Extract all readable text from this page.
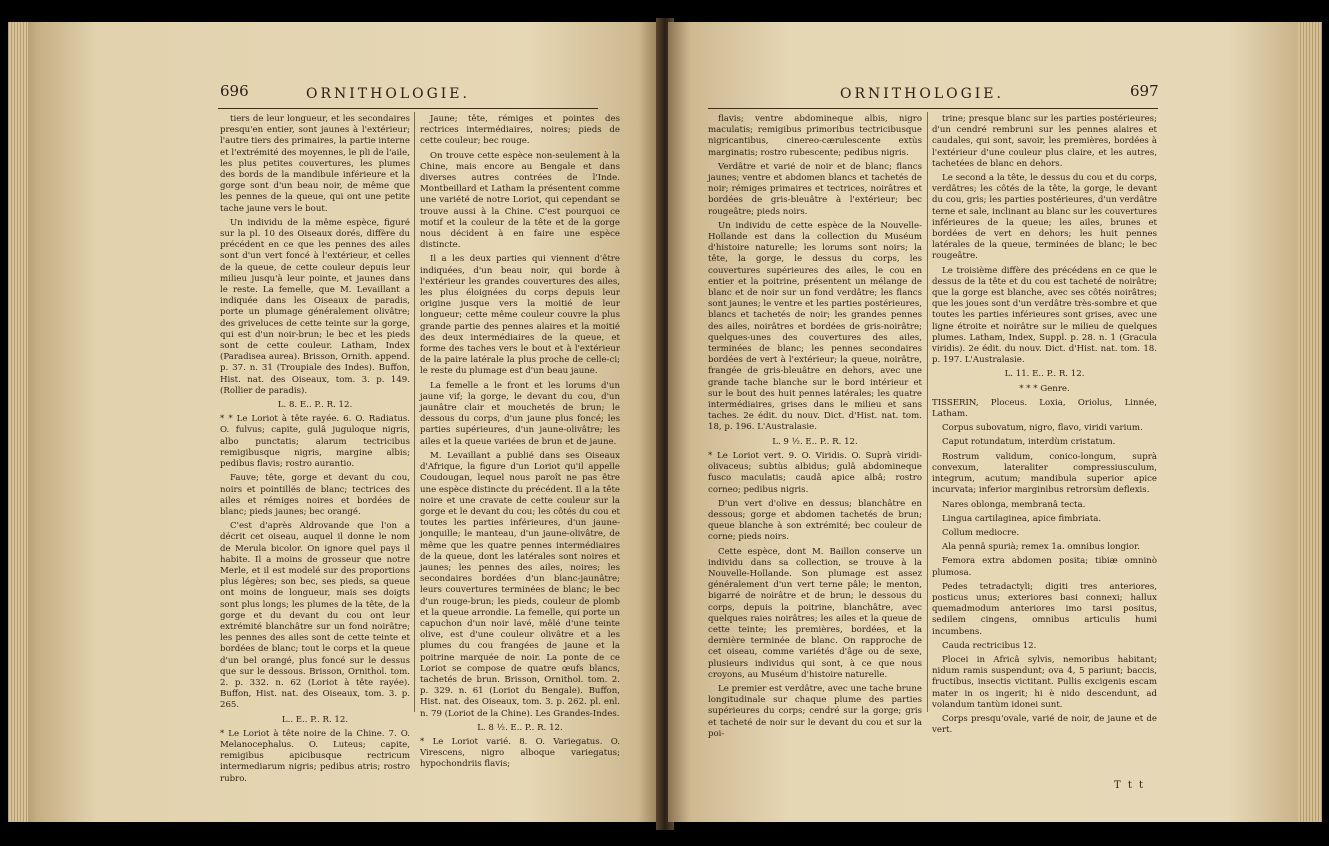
696	ORNITHOLOGIE.

tiers de leur longueur, et les secondaires presqu'en entier, sont jaunes à l'extérieur; l'autre tiers des primaires, la partie interne et l'extrémité des moyennes, le pli de l'aile, les plus petites couvertures, les plumes des bords de la mandibule inférieure et la gorge sont d'un beau noir, de même que les pennes de la queue, qui ont une petite tache jaune vers le bout.

Un individu de la même espèce, figuré sur la pl. 10 des Oiseaux dorés, diffère du précédent en ce que les pennes des ailes sont d'un vert foncé à l'extérieur, et celles de la queue, de cette couleur depuis leur milieu jusqu'à leur pointe, et jaunes dans le reste. La femelle, que M. Levaillant a indiquée dans les Oiseaux de paradis, porte un plumage généralement olivâtre; des griveluces de cette teinte sur la gorge, qui est d'un noir-brun; le bec et les pieds sont de cette couleur. Latham, Index (Paradisea aurea). Brisson, Ornith. append. p. 37. n. 31 (Troupiale des Indes). Buffon, Hist. nat. des Oiseaux, tom. 3. p. 149. (Rollier de paradis).

L. 8. E.. P.. R. 12.

* * Le Loriot à tête rayée. 6. O. Radiatus. O. fulvus; capite, gulâ juguloque nigris, albo punctatis; alarum tectricibus remigibusque nigris, margine albis; pedibus flavis; rostro aurantio.

Fauve; tête, gorge et devant du cou, noirs et pointillés de blanc; tectrices des ailes et rémiges noires et bordées de blanc; pieds jaunes; bec orangé.

C'est d'après Aldrovande que l'on a décrit cet oiseau, auquel il donne le nom de Merula bicolor. On ignore quel pays il habite. Il a moins de grosseur que notre Merle, et il est modelé sur des proportions plus légères; son bec, ses pieds, sa queue ont moins de longueur, mais ses doigts sont plus longs; les plumes de la tête, de la gorge et du devant du cou ont leur extrémité blanchâtre sur un fond noirâtre; les pennes des ailes sont de cette teinte et bordées de blanc; tout le corps et la queue d'un bel orangé, plus foncé sur le dessus que sur le dessous. Brisson, Ornithol. tom. 2. p. 332. n. 62 (Loriot à tête rayée). Buffon, Hist. nat. des Oiseaux, tom. 3. p. 265.

L.. E.. P.. R. 12.

* Le Loriot à tête noire de la Chine. 7. O. Melanocephalus. O. Luteus; capite, remigibus apicibusque rectricum intermediarum nigris; pedibus atris; rostro rubro.

Jaune; tête, rémiges et pointes des rectrices intermédiaires, noires; pieds de cette couleur; bec rouge.

On trouve cette espèce non-seulement à la Chine, mais encore au Bengale et dans diverses autres contrées de l'Inde. Montbeillard et Latham la présentent comme une variété de notre Loriot, qui cependant se trouve aussi à la Chine. C'est pourquoi ce motif et la couleur de la tête et de la gorge nous décident à en faire une espèce distincte.

Il a les deux parties qui viennent d'être indiquées, d'un beau noir, qui borde à l'extérieur les grandes couvertures des ailes, les plus éloignées du corps depuis leur origine jusque vers la moitié de leur longueur; cette même couleur couvre la plus grande partie des pennes alaires et la moitié des deux intermédiaires de la queue, et forme des taches vers le bout et à l'extérieur de la paire latérale la plus proche de celle-ci; le reste du plumage est d'un beau jaune.

La femelle a le front et les lorums d'un jaune vif; la gorge, le devant du cou, d'un jaunâtre clair et mouchetés de brun; le dessous du corps, d'un jaune plus foncé; les parties supérieures, d'un jaune-olivâtre; les ailes et la queue variées de brun et de jaune.

M. Levaillant a publié dans ses Oiseaux d'Afrique, la figure d'un Loriot qu'il appelle Coudougan, lequel nous paroît ne pas être une espèce distincte du précédent. Il a la tête noire et une cravate de cette couleur sur la gorge et le devant du cou; les côtés du cou et toutes les parties inférieures, d'un jaune-jonquille; le manteau, d'un jaune-olivâtre, de même que les quatre pennes intermédiaires de la queue, dont les latérales sont noires et jaunes; les pennes des ailes, noires; les secondaires bordées d'un blanc-jaunâtre; leurs couvertures terminées de blanc; le bec d'un rouge-brun; les pieds, couleur de plomb et la queue arrondie. La femelle, qui porte un capuchon d'un noir lavé, mêlé d'une teinte olive, est d'une couleur olivâtre et a les plumes du cou frangées de jaune et la poitrine marquée de noir. La ponte de ce Loriot se compose de quatre œufs blancs, tachetés de brun. Brisson, Ornithol. tom. 2. p. 329. n. 61 (Loriot du Bengale). Buffon, Hist. nat. des Oiseaux, tom. 3. p. 262. pl. enl. n. 79 (Loriot de la Chine). Les Grandes-Indes.

L. 8 ½. E.. P.. R. 12.

* Le Loriot varié. 8. O. Variegatus. O. Virescens, nigro alboque variegatus; hypochondriis flavis;

ORNITHOLOGIE.	697

flavis; ventre abdomineque albis, nigro maculatis; remigibus primoribus tectricibusque nigricantibus, cinereo-cærulescente extùs marginatis; rostro rubescente; pedibus nigris.

Verdâtre et varié de noir et de blanc; flancs jaunes; ventre et abdomen blancs et tachetés de noir; rémiges primaires et tectrices, noirâtres et bordées de gris-bleuâtre à l'extérieur; bec rougeâtre; pieds noirs.

Un individu de cette espèce de la Nouvelle-Hollande est dans la collection du Muséum d'histoire naturelle; les lorums sont noirs; la tête, la gorge, le dessus du corps, les couvertures supérieures des ailes, le cou en entier et la poitrine, présentent un mélange de blanc et de noir sur un fond verdâtre; les flancs sont jaunes; le ventre et les parties postérieures, blancs et tachetés de noir; les grandes pennes des ailes, noirâtres et bordées de gris-noirâtre; quelques-unes des couvertures des ailes, terminées de blanc; les pennes secondaires bordées de vert à l'extérieur; la queue, noirâtre, frangée de gris-bleuâtre en dehors, avec une grande tache blanche sur le bord intérieur et sur le bout des huit pennes latérales; les quatre intermédiaires, grises dans le milieu et sans taches. 2e édit. du nouv. Dict. d'Hist. nat. tom. 18, p. 196. L'Australasie.

L. 9 ½. E.. P.. R. 12.

* Le Loriot vert. 9. O. Viridis. O. Suprà viridi-olivaceus; subtùs albidus; gulâ abdomineque fusco maculatis; caudâ apice albâ; rostro corneo; pedibus nigris.

D'un vert d'olive en dessus; blanchâtre en dessous; gorge et abdomen tachetés de brun; queue blanche à son extrémité; bec couleur de corne; pieds noirs.

Cette espèce, dont M. Baillon conserve un individu dans sa collection, se trouve à la Nouvelle-Hollande. Son plumage est assez généralement d'un vert terne pâle; le menton, bigarré de noirâtre et de brun; le dessous du corps, depuis la poitrine, blanchâtre, avec quelques raies noirâtres; les ailes et la queue de cette teinte; les premières, bordées, et la dernière terminée de blanc. On rapproche de cet oiseau, comme variétés d'âge ou de sexe, plusieurs individus qui sont, à ce que nous croyons, au Muséum d'histoire naturelle.

Le premier est verdâtre, avec une tache brune longitudinale sur chaque plume des parties supérieures du corps; cendré sur la gorge; gris et tacheté de noir sur le devant du cou et sur la poi-

trine; presque blanc sur les parties postérieures; d'un cendré rembruni sur les pennes alaires et caudales, qui sont, savoir, les premières, bordées à l'extérieur d'une couleur plus claire, et les autres, tachetées de blanc en dehors.

Le second a la tête, le dessus du cou et du corps, verdâtres; les côtés de la tête, la gorge, le devant du cou, gris; les parties postérieures, d'un verdâtre terne et sale, inclinant au blanc sur les couvertures inférieures de la queue; les ailes, brunes et bordées de vert en dehors; les huit pennes latérales de la queue, terminées de blanc; le bec rougeâtre.

Le troisième diffère des précédens en ce que le dessus de la tête et du cou est tacheté de noirâtre; que la gorge est blanche, avec ses côtés noirâtres; que les joues sont d'un verdâtre très-sombre et que toutes les parties inférieures sont grises, avec une ligne étroite et noirâtre sur le milieu de quelques plumes. Latham, Index, Suppl. p. 28. n. 1 (Gracula viridis). 2e édit. du nouv. Dict. d'Hist. nat. tom. 18. p. 197. L'Australasie.

L. 11. E.. P.. R. 12.

* * * Genre.

TISSERIN, Ploceus. Loxia, Oriolus, Linnée, Latham.

Corpus subovatum, nigro, flavo, viridi varium.

Caput rotundatum, interdùm cristatum.

Rostrum validum, conico-longum, suprà convexum, lateraliter compressiusculum, integrum, acutum; mandibula superior apice incurvata; inferior marginibus retrorsùm deflexis.

Nares oblonga, membranâ tecta.

Lingua cartilaginea, apice fimbriata.

Collum mediocre.

Ala pennâ spurià; remex 1a. omnibus longior.

Femora extra abdomen posita; tibiæ omninò plumosa.

Pedes tetradactyli; digiti tres anteriores, posticus unus; exteriores basi connexi; hallux quemadmodum anteriores imo tarsi positus, sedilem cingens, omnibus articulis humi incumbens.

Cauda rectricibus 12.

Plocei in Africâ sylvis, nemoribus habitant; nidum ramis suspendunt; ova 4, 5 pariunt; baccis, fructibus, insectis victitant. Pullis excigenis escam mater in os ingerit; hi è nido descendunt, ad volandum tantùm idonei sunt.

Corps presqu'ovale, varié de noir, de jaune et de vert.

T t t
